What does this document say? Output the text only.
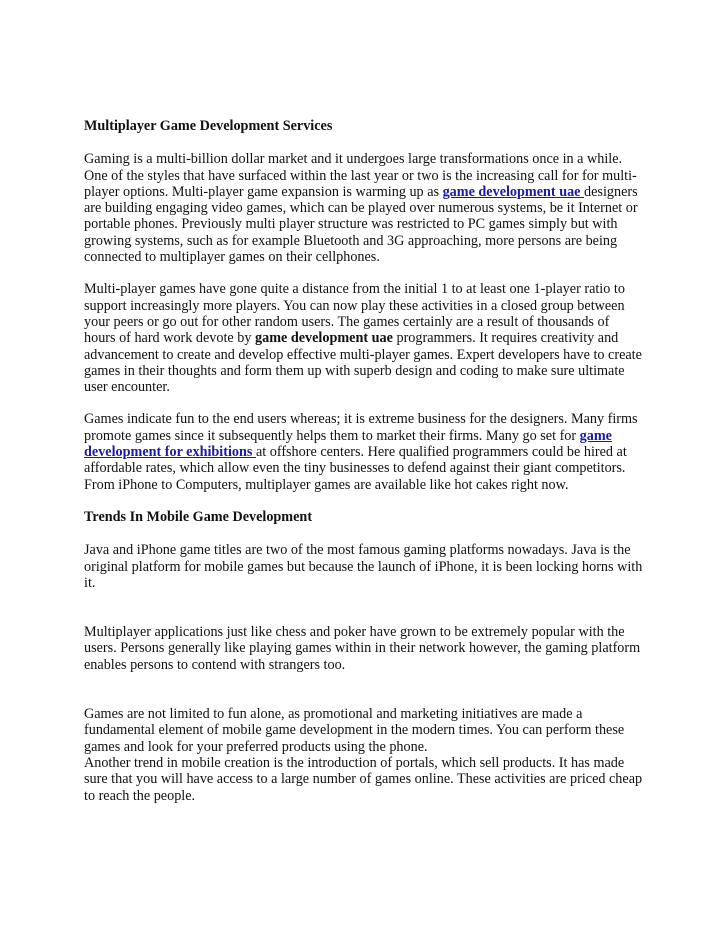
Multiplayer Game Development Services

Gaming is a multi-billion dollar market and it undergoes large transformations once in a while. One of the styles that have surfaced within the last year or two is the increasing call for for multi-player options. Multi-player game expansion is warming up as game development uae designers are building engaging video games, which can be played over numerous systems, be it Internet or portable phones. Previously multi player structure was restricted to PC games simply but with growing systems, such as for example Bluetooth and 3G approaching, more persons are being connected to multiplayer games on their cellphones.

Multi-player games have gone quite a distance from the initial 1 to at least one 1-player ratio to support increasingly more players. You can now play these activities in a closed group between your peers or go out for other random users. The games certainly are a result of thousands of hours of hard work devote by game development uae programmers. It requires creativity and advancement to create and develop effective multi-player games. Expert developers have to create games in their thoughts and form them up with superb design and coding to make sure ultimate user encounter.

Games indicate fun to the end users whereas; it is extreme business for the designers. Many firms promote games since it subsequently helps them to market their firms. Many go set for game development for exhibitions at offshore centers. Here qualified programmers could be hired at affordable rates, which allow even the tiny businesses to defend against their giant competitors. From iPhone to Computers, multiplayer games are available like hot cakes right now.

Trends In Mobile Game Development

Java and iPhone game titles are two of the most famous gaming platforms nowadays. Java is the original platform for mobile games but because the launch of iPhone, it is been locking horns with it.

Multiplayer applications just like chess and poker have grown to be extremely popular with the users. Persons generally like playing games within in their network however, the gaming platform enables persons to contend with strangers too.

Games are not limited to fun alone, as promotional and marketing initiatives are made a fundamental element of mobile game development in the modern times. You can perform these games and look for your preferred products using the phone.

Another trend in mobile creation is the introduction of portals, which sell products. It has made sure that you will have access to a large number of games online. These activities are priced cheap to reach the people.
